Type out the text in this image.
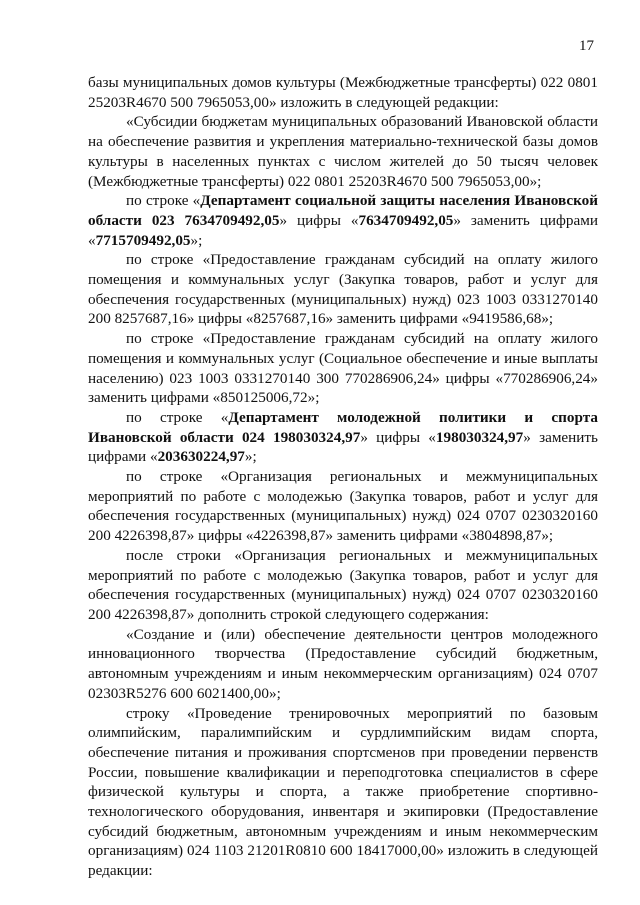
17

базы муниципальных домов культуры (Межбюджетные трансферты) 022 0801 25203R4670 500 7965053,00» изложить в следующей редакции:

«Субсидии бюджетам муниципальных образований Ивановской области на обеспечение развития и укрепления материально-технической базы домов культуры в населенных пунктах с числом жителей до 50 тысяч человек (Межбюджетные трансферты) 022 0801 25203R4670 500 7965053,00»;

по строке «Департамент социальной защиты населения Ивановской области 023 7634709492,05» цифры «7634709492,05» заменить цифрами «7715709492,05»;

по строке «Предоставление гражданам субсидий на оплату жилого помещения и коммунальных услуг (Закупка товаров, работ и услуг для обеспечения государственных (муниципальных) нужд) 023 1003 0331270140 200 8257687,16» цифры «8257687,16» заменить цифрами «9419586,68»;

по строке «Предоставление гражданам субсидий на оплату жилого помещения и коммунальных услуг (Социальное обеспечение и иные выплаты населению) 023 1003 0331270140 300 770286906,24» цифры «770286906,24» заменить цифрами «850125006,72»;

по строке «Департамент молодежной политики и спорта Ивановской области 024 198030324,97» цифры «198030324,97» заменить цифрами «203630224,97»;

по строке «Организация региональных и межмуниципальных мероприятий по работе с молодежью (Закупка товаров, работ и услуг для обеспечения государственных (муниципальных) нужд) 024 0707 0230320160 200 4226398,87» цифры «4226398,87» заменить цифрами «3804898,87»;

после строки «Организация региональных и межмуниципальных мероприятий по работе с молодежью (Закупка товаров, работ и услуг для обеспечения государственных (муниципальных) нужд) 024 0707 0230320160 200 4226398,87» дополнить строкой следующего содержания:

«Создание и (или) обеспечение деятельности центров молодежного инновационного творчества (Предоставление субсидий бюджетным, автономным учреждениям и иным некоммерческим организациям) 024 0707 02303R5276 600 6021400,00»;

строку «Проведение тренировочных мероприятий по базовым олимпийским, паралимпийским и сурдлимпийским видам спорта, обеспечение питания и проживания спортсменов при проведении первенств России, повышение квалификации и переподготовка специалистов в сфере физической культуры и спорта, а также приобретение спортивно-технологического оборудования, инвентаря и экипировки (Предоставление субсидий бюджетным, автономным учреждениям и иным некоммерческим организациям) 024 1103 21201R0810 600 18417000,00» изложить в следующей редакции:
